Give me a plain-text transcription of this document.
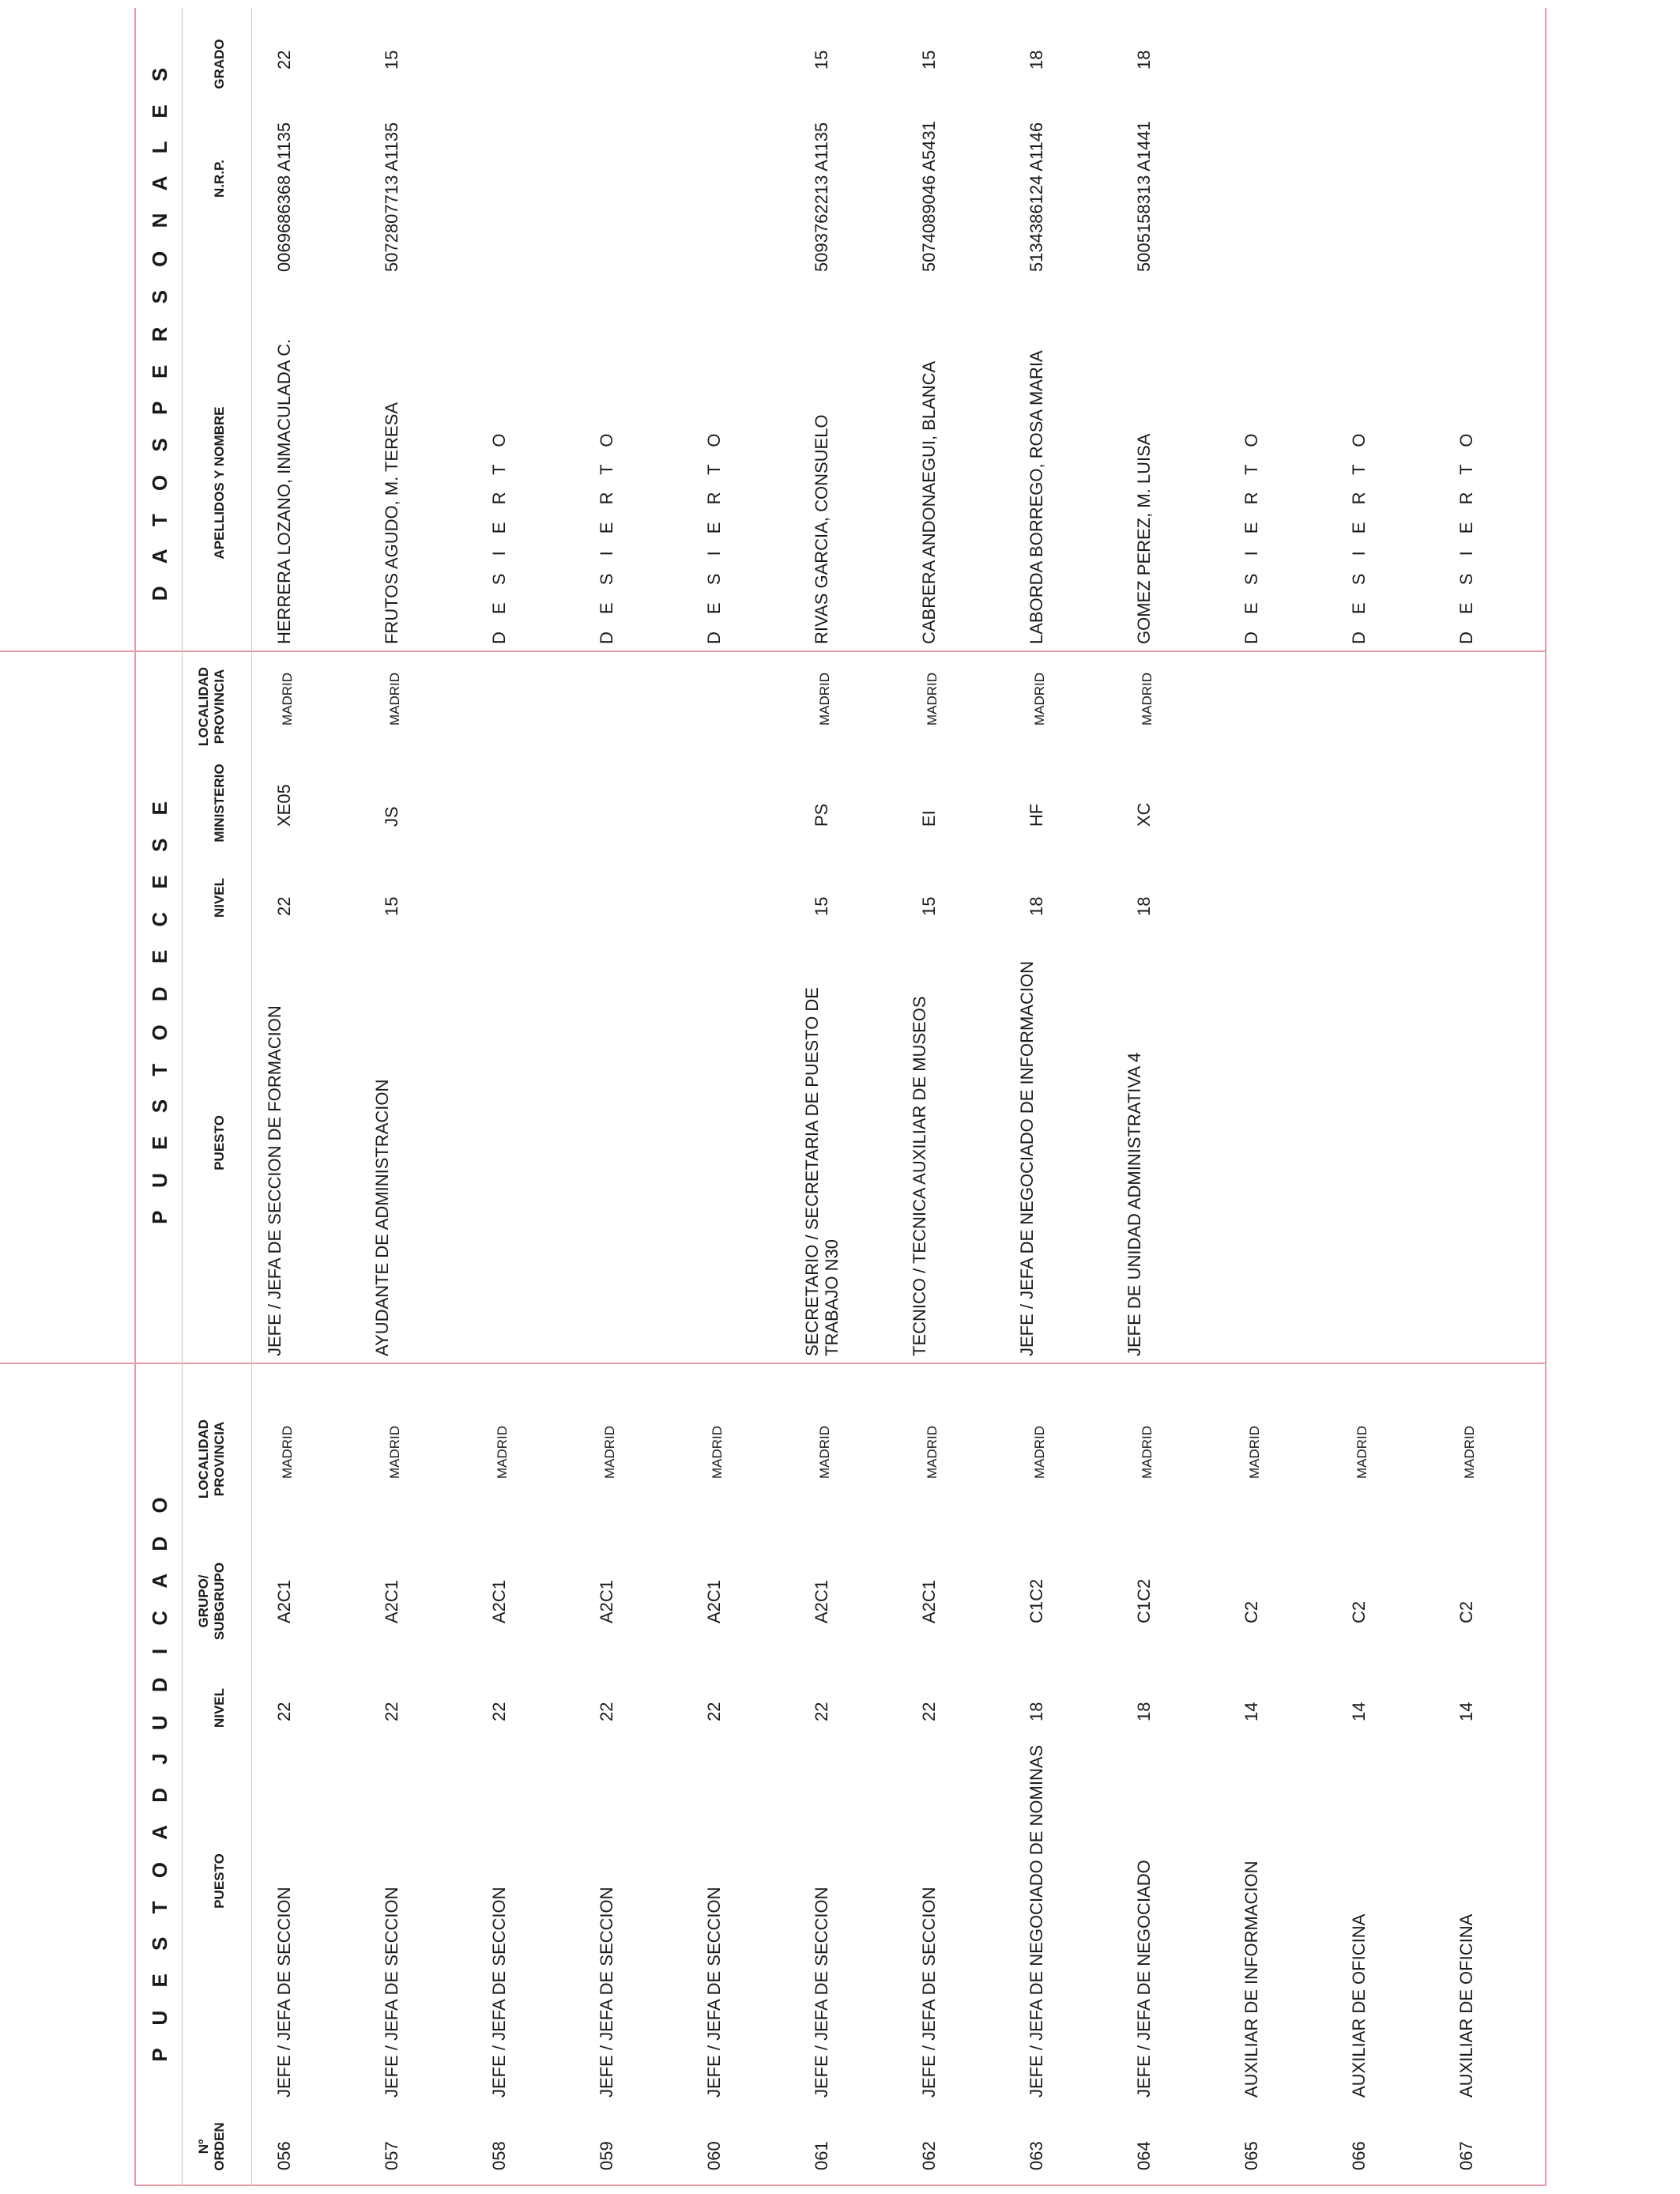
P U E S T O A D J U D I C A D O
P U E S T O D E C E S E
D A T O S P E R S O N A L E S
Nº ORDEN
PUESTO
NIVEL
GRUPO/ SUBGRUPO
LOCALIDAD PROVINCIA
PUESTO
NIVEL
MINISTERIO
LOCALIDAD PROVINCIA
APELLIDOS Y NOMBRE
N.R.P.
GRADO
056
JEFE / JEFA DE SECCION
22
A2C1
MADRID
JEFE / JEFA DE SECCION DE FORMACION
22
XE05
MADRID
HERRERA LOZANO, INMACULADA C.
0069686368 A1135
22
057
JEFE / JEFA DE SECCION
22
A2C1
MADRID
AYUDANTE DE ADMINISTRACION
15
JS
MADRID
FRUTOS AGUDO, M. TERESA
5072807713 A1135
15
058
JEFE / JEFA DE SECCION
22
A2C1
MADRID
D E S I E R T O
059
JEFE / JEFA DE SECCION
22
A2C1
MADRID
D E S I E R T O
060
JEFE / JEFA DE SECCION
22
A2C1
MADRID
D E S I E R T O
061
JEFE / JEFA DE SECCION
22
A2C1
MADRID
SECRETARIO / SECRETARIA DE PUESTO DE TRABAJO N30
15
PS
MADRID
RIVAS GARCIA, CONSUELO
5093762213 A1135
15
062
JEFE / JEFA DE SECCION
22
A2C1
MADRID
TECNICO / TECNICA AUXILIAR DE MUSEOS
15
EI
MADRID
CABRERA ANDONAEGUI, BLANCA
5074089046 A5431
15
063
JEFE / JEFA DE NEGOCIADO DE NOMINAS
18
C1C2
MADRID
JEFE / JEFA DE NEGOCIADO DE INFORMACION
18
HF
MADRID
LABORDA BORREGO, ROSA MARIA
5134386124 A1146
18
064
JEFE / JEFA DE NEGOCIADO
18
C1C2
MADRID
JEFE DE UNIDAD ADMINISTRATIVA 4
18
XC
MADRID
GOMEZ PEREZ, M. LUISA
5005158313 A1441
18
065
AUXILIAR DE INFORMACION
14
C2
MADRID
D E S I E R T O
066
AUXILIAR DE OFICINA
14
C2
MADRID
D E S I E R T O
067
AUXILIAR DE OFICINA
14
C2
MADRID
D E S I E R T O
